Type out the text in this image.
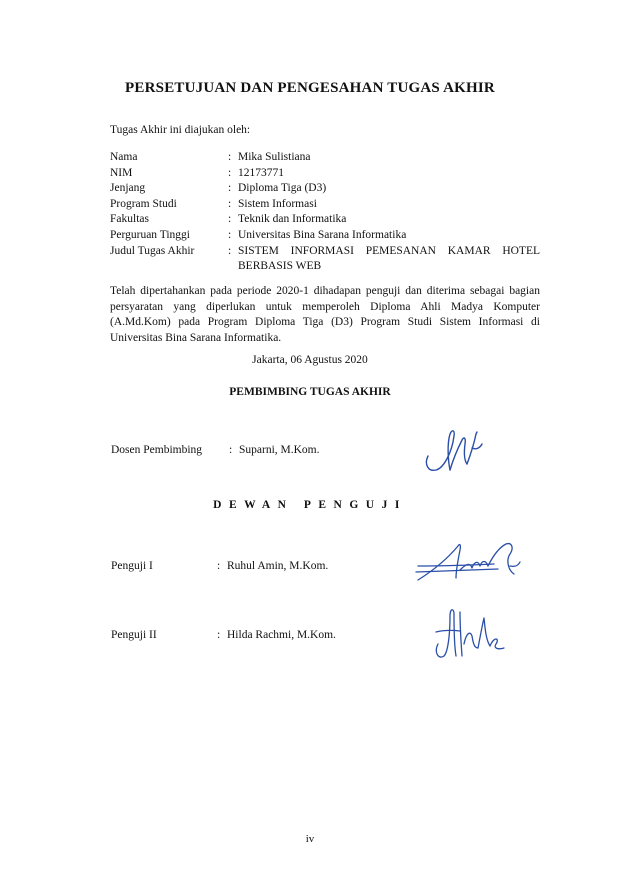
PERSETUJUAN DAN PENGESAHAN TUGAS AKHIR
Tugas Akhir ini diajukan oleh:
Nama	: Mika Sulistiana
NIM	: 12173771
Jenjang	: Diploma Tiga (D3)
Program Studi	: Sistem Informasi
Fakultas	: Teknik dan Informatika
Perguruan Tinggi	: Universitas Bina Sarana Informatika
Judul Tugas Akhir	: SISTEM INFORMASI PEMESANAN KAMAR HOTEL BERBASIS WEB
Telah dipertahankan pada periode 2020-1 dihadapan penguji dan diterima sebagai bagian persyaratan yang diperlukan untuk memperoleh Diploma Ahli Madya Komputer (A.Md.Kom) pada Program Diploma Tiga (D3) Program Studi Sistem Informasi di Universitas Bina Sarana Informatika.
Jakarta, 06 Agustus 2020
PEMBIMBING TUGAS AKHIR
Dosen Pembimbing	: Suparni, M.Kom.
DEWAN PENGUJI
Penguji I	: Ruhul Amin, M.Kom.
Penguji II	: Hilda Rachmi, M.Kom.
iv
